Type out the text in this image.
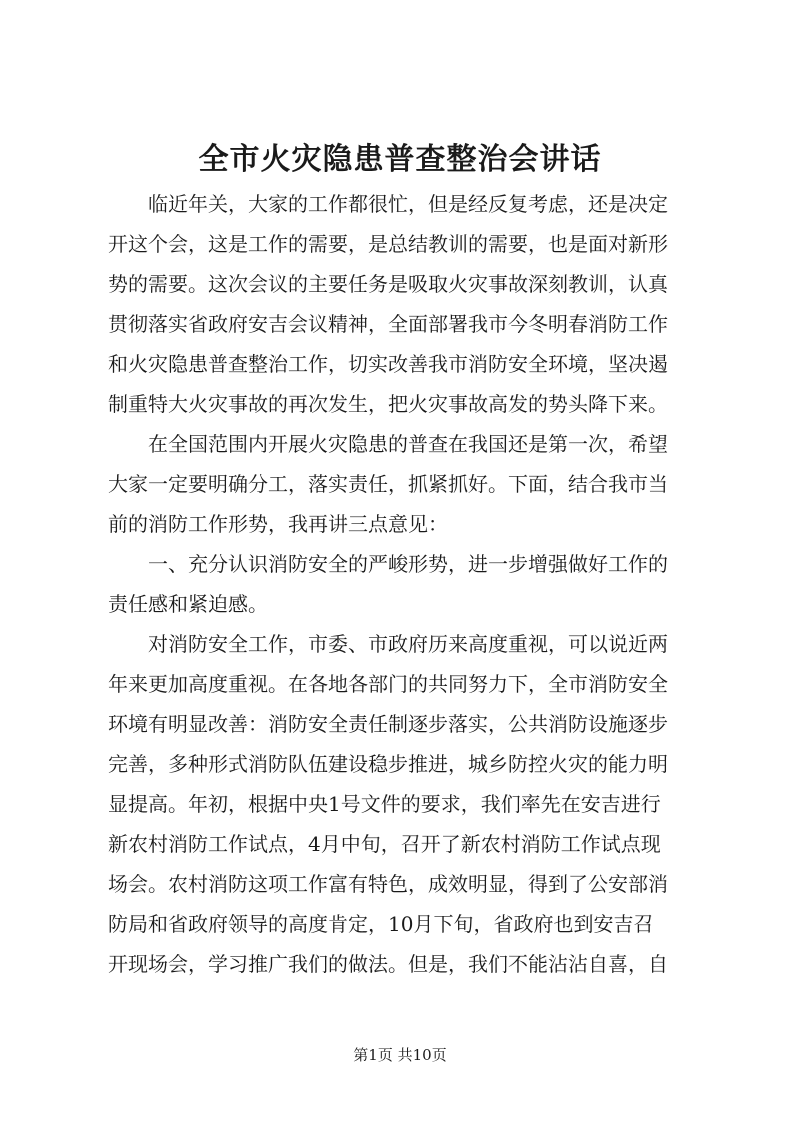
全市火灾隐患普查整治会讲话
临近年关，大家的工作都很忙，但是经反复考虑，还是决定
开这个会，这是工作的需要，是总结教训的需要，也是面对新形
势的需要。这次会议的主要任务是吸取火灾事故深刻教训，认真
贯彻落实省政府安吉会议精神，全面部署我市今冬明春消防工作
和火灾隐患普查整治工作，切实改善我市消防安全环境，坚决遏
制重特大火灾事故的再次发生，把火灾事故高发的势头降下来。
在全国范围内开展火灾隐患的普查在我国还是第一次，希望
大家一定要明确分工，落实责任，抓紧抓好。下面，结合我市当
前的消防工作形势，我再讲三点意见：
一、充分认识消防安全的严峻形势，进一步增强做好工作的
责任感和紧迫感。
对消防安全工作，市委、市政府历来高度重视，可以说近两
年来更加高度重视。在各地各部门的共同努力下，全市消防安全
环境有明显改善：消防安全责任制逐步落实，公共消防设施逐步
完善，多种形式消防队伍建设稳步推进，城乡防控火灾的能力明
显提高。年初，根据中央1号文件的要求，我们率先在安吉进行
新农村消防工作试点，4月中旬，召开了新农村消防工作试点现
场会。农村消防这项工作富有特色，成效明显，得到了公安部消
防局和省政府领导的高度肯定，10月下旬，省政府也到安吉召
开现场会，学习推广我们的做法。但是，我们不能沾沾自喜，自
第1页 共10页
